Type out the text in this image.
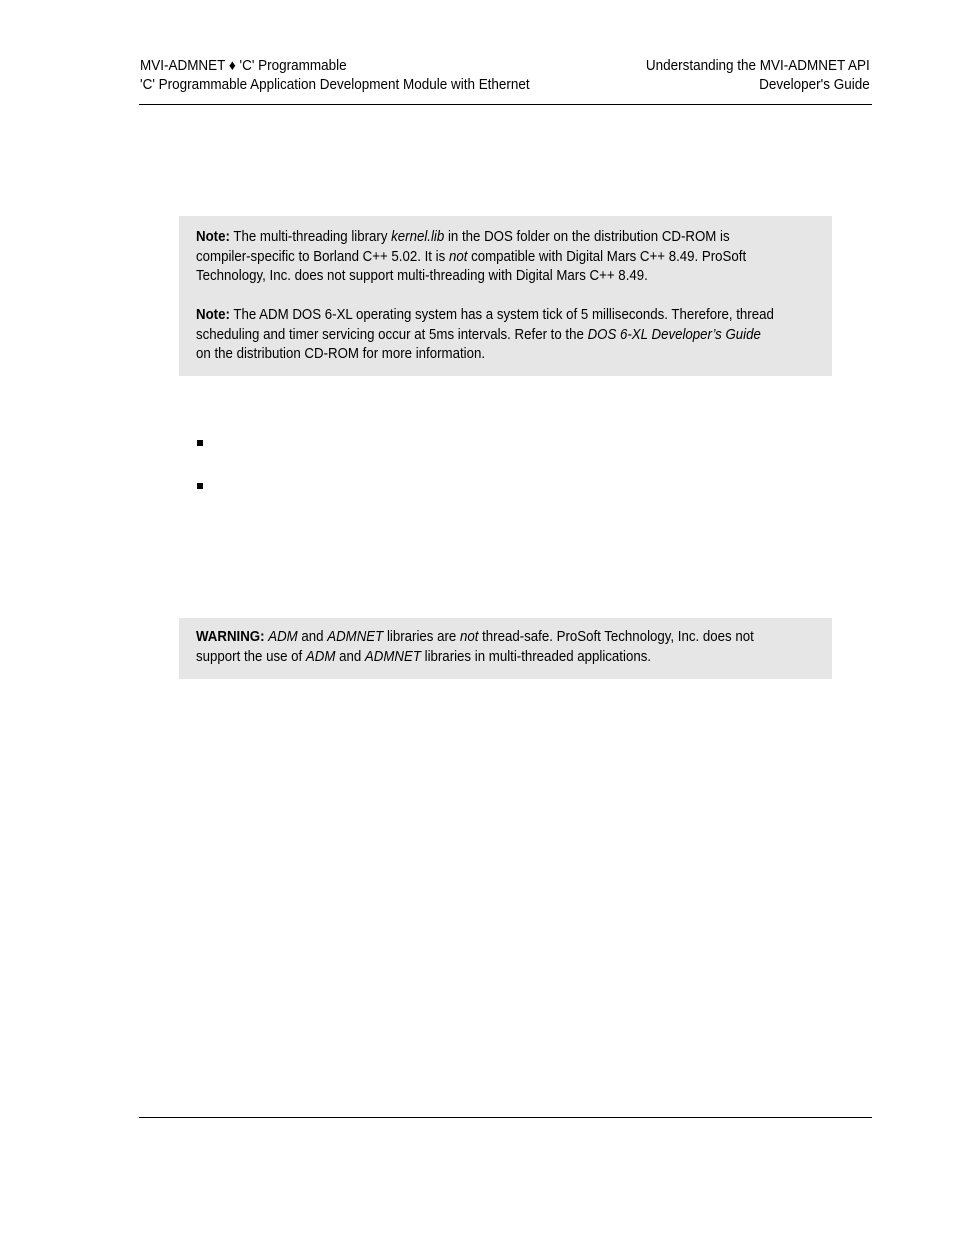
MVI-ADMNET ♦ 'C' Programmable
'C' Programmable Application Development Module with Ethernet
Understanding the MVI-ADMNET API
Developer's Guide

Note: The multi-threading library kernel.lib in the DOS folder on the distribution CD-ROM is

compiler-specific to Borland C++ 5.02. It is not compatible with Digital Mars C++ 8.49. ProSoft

Technology, Inc. does not support multi-threading with Digital Mars C++ 8.49.

Note: The ADM DOS 6-XL operating system has a system tick of 5 milliseconds. Therefore, thread

scheduling and timer servicing occur at 5ms intervals. Refer to the DOS 6-XL Developer’s Guide

on the distribution CD-ROM for more information.

WARNING: ADM and ADMNET libraries are not thread-safe. ProSoft Technology, Inc. does not

support the use of ADM and ADMNET libraries in multi-threaded applications.
